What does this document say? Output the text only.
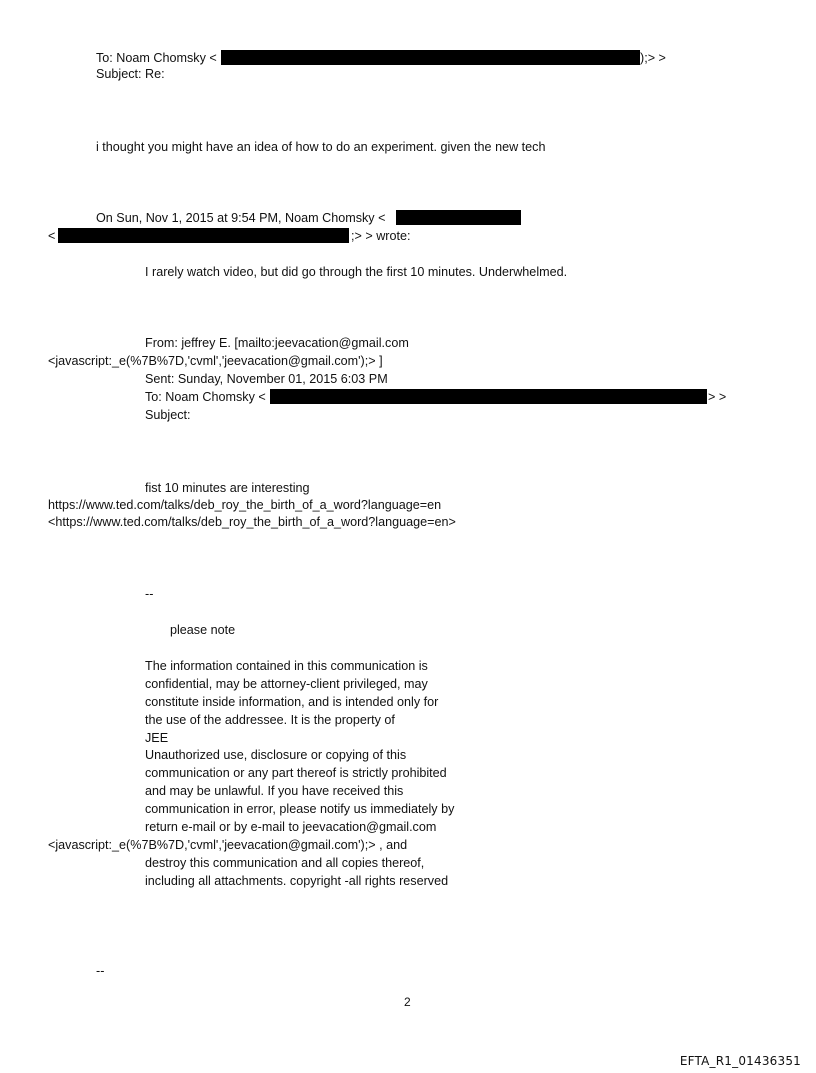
To: Noam Chomsky <	);> >
Subject: Re:
i thought you might have an idea of how to do an experiment. given the new tech
On Sun, Nov 1, 2015 at 9:54 PM, Noam Chomsky <
<	;> > wrote:
I rarely watch video, but did go through the first 10 minutes. Underwhelmed.
From: jeffrey E. [mailto:jeevacation@gmail.com
<javascript:_e(%7B%7D,'cvml','jeevacation@gmail.com');> ]
Sent: Sunday, November 01, 2015 6:03 PM
To: Noam Chomsky <	> >
Subject:
fist 10 minutes are interesting
https://www.ted.com/talks/deb_roy_the_birth_of_a_word?language=en
<https://www.ted.com/talks/deb_roy_the_birth_of_a_word?language=en>
--
please note
The information contained in this communication is
confidential, may be attorney-client privileged, may
constitute inside information, and is intended only for
the use of the addressee. It is the property of
JEE
Unauthorized use, disclosure or copying of this
communication or any part thereof is strictly prohibited
and may be unlawful. If you have received this
communication in error, please notify us immediately by
return e-mail or by e-mail to jeevacation@gmail.com
<javascript:_e(%7B%7D,'cvml','jeevacation@gmail.com');> , and
destroy this communication and all copies thereof,
including all attachments. copyright -all rights reserved
--
2
EFTA_R1_01436351
